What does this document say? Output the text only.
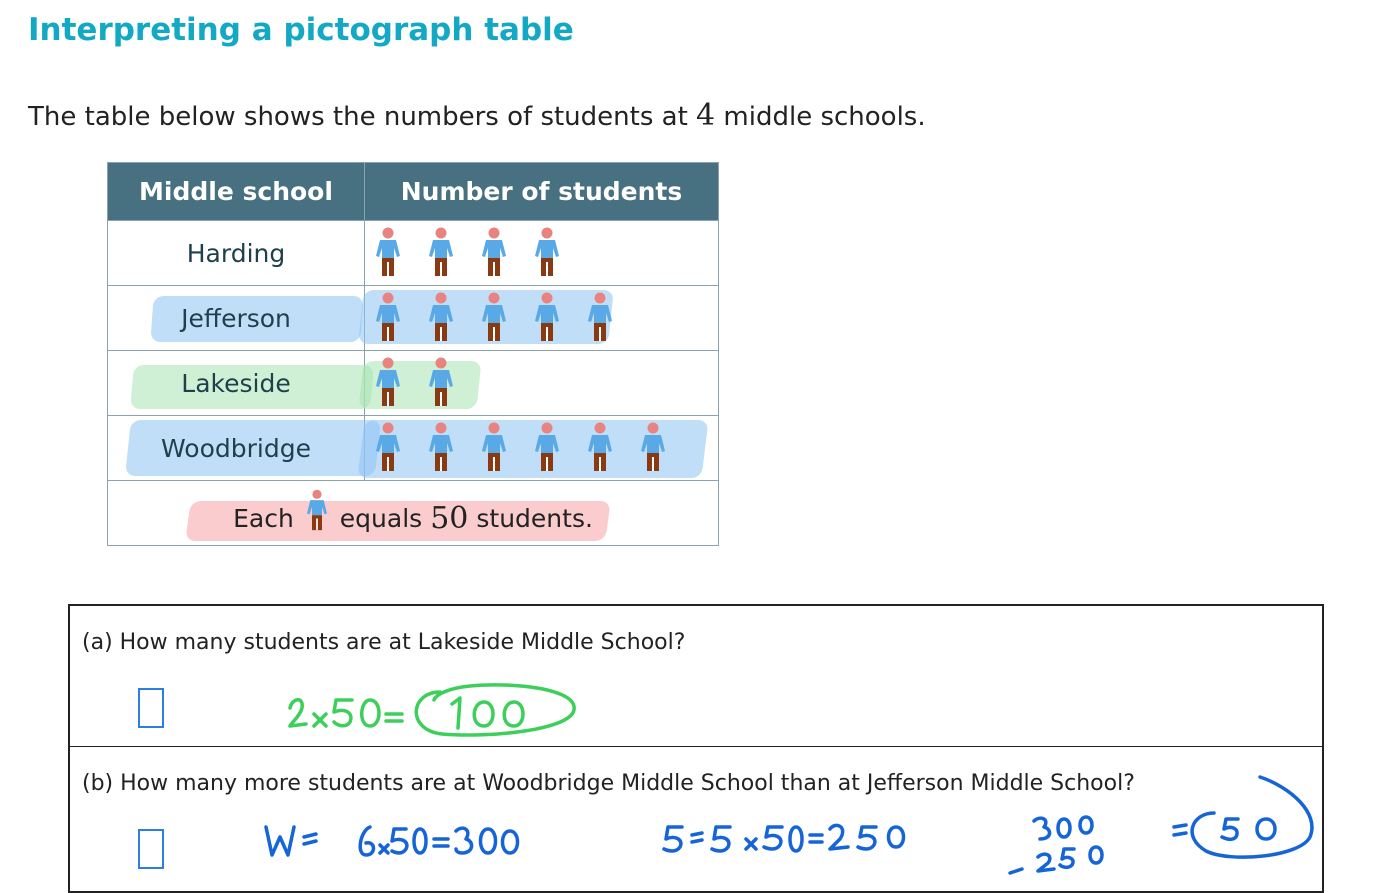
Interpreting a pictograph table
The table below shows the numbers of students at 4 middle schools.
Middle school	Number of students
Harding	

Jefferson	

Lakeside	

Woodbridge	

Each equals 50 students.	
(a) How many students are at Lakeside Middle School?
(b) How many more students are at Woodbridge Middle School than at Jefferson Middle School?
